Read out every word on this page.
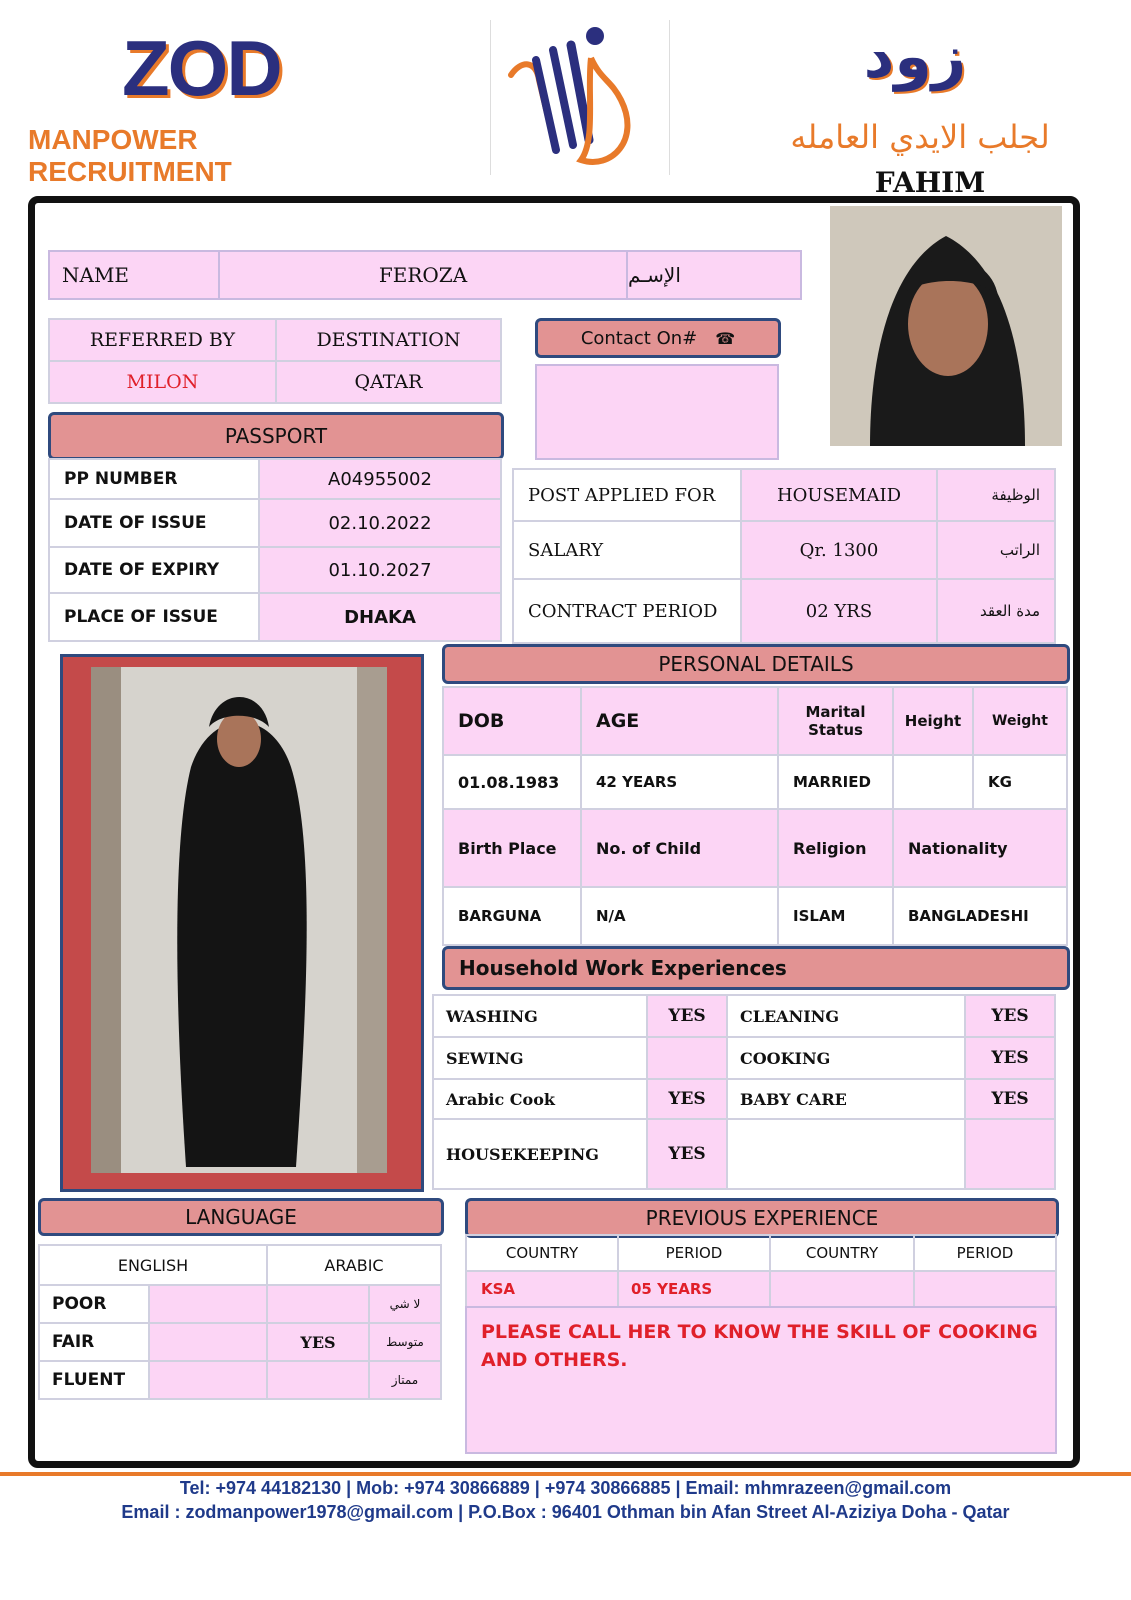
ZOD
MANPOWER RECRUITMENT
زود
لجلب الايدي العامله
FAHIM
NAME	FEROZA	الإسـم
REFERRED BY	DESTINATION
MILON	QATAR
Contact On# ☎
PASSPORT
PP NUMBER	A04955002
DATE OF ISSUE	02.10.2022
DATE OF EXPIRY	01.10.2027
PLACE OF ISSUE	DHAKA
POST APPLIED FOR	HOUSEMAID	الوظيفة
SALARY	Qr. 1300	الراتب
CONTRACT PERIOD	02 YRS	مدة العقد
PERSONAL DETAILS
DOB	AGE	Marital Status	Height	Weight
01.08.1983	42 YEARS	MARRIED		KG
Birth Place	No. of Child	Religion	Nationality	
BARGUNA	N/A	ISLAM	BANGLADESHI	
Household Work Experiences
WASHING	YES	CLEANING	YES
SEWING		COOKING	YES
Arabic Cook	YES	BABY CARE	YES
HOUSEKEEPING	YES		
LANGUAGE
ENGLISH		ARABIC	
POOR			لا شي
FAIR		YES	متوسط
FLUENT			ممتاز
PREVIOUS EXPERIENCE
COUNTRY	PERIOD	COUNTRY	PERIOD
KSA	05 YEARS		
PLEASE CALL HER TO KNOW THE SKILL OF COOKING AND OTHERS.
Tel: +974 44182130 | Mob: +974 30866889 | +974 30866885 | Email: mhmrazeen@gmail.com
Email : zodmanpower1978@gmail.com | P.O.Box : 96401 Othman bin Afan Street Al-Aziziya Doha - Qatar
